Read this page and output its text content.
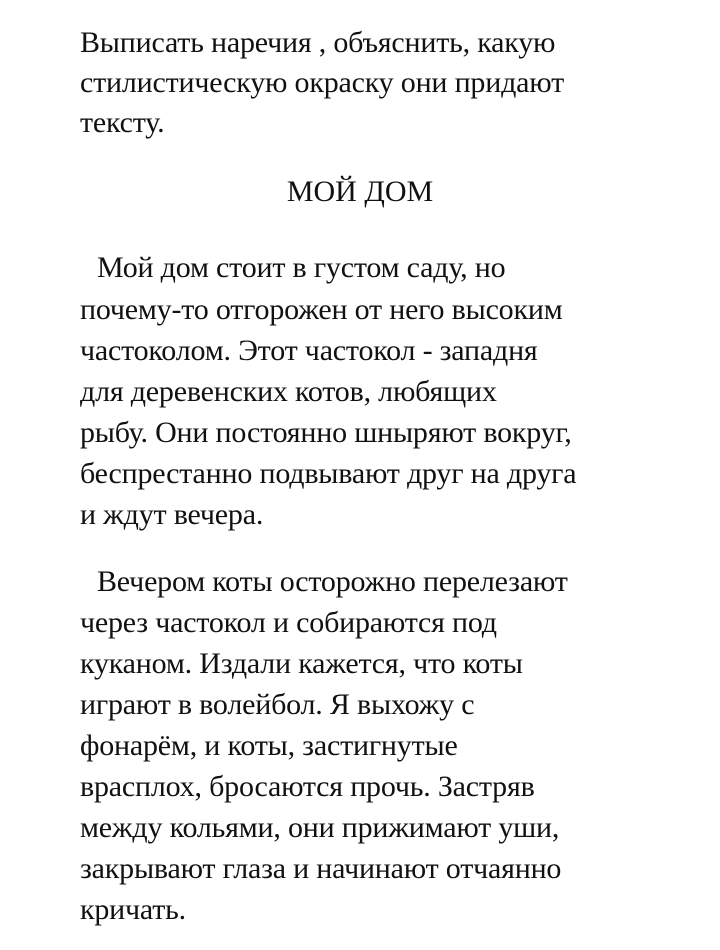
Выписать наречия , объяснить, какую
стилистическую окраску они придают
тексту.
МОЙ ДОМ
Мой дом стоит в густом саду, но
почему-то отгорожен от него высоким
частоколом. Этот частокол - западня
для деревенских котов, любящих
рыбу. Они постоянно шныряют вокруг,
беспрестанно подвывают друг на друга
и ждут вечера.
Вечером коты осторожно перелезают
через частокол и собираются под
куканом. Издали кажется, что коты
играют в волейбол. Я выхожу с
фонарём, и коты, застигнутые
врасплох, бросаются прочь. Застряв
между кольями, они прижимают уши,
закрывают глаза и начинают отчаянно
кричать.
